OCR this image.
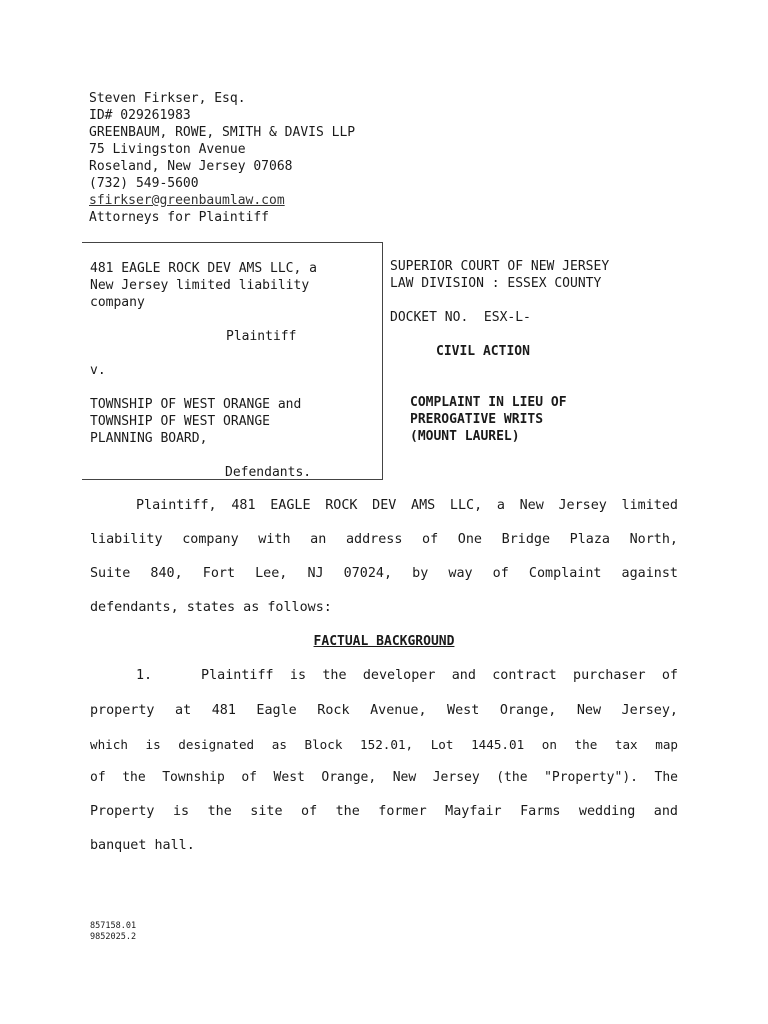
Steven Firkser, Esq.
ID# 029261983
GREENBAUM, ROWE, SMITH & DAVIS LLP
75 Livingston Avenue
Roseland, New Jersey 07068
(732) 549-5600
sfirkser@greenbaumlaw.com
Attorneys for Plaintiff
481 EAGLE ROCK DEV AMS LLC, a
New Jersey limited liability
company
Plaintiff
v.
TOWNSHIP OF WEST ORANGE and
TOWNSHIP OF WEST ORANGE
PLANNING BOARD,
Defendants.
SUPERIOR COURT OF NEW JERSEY
LAW DIVISION : ESSEX COUNTY
DOCKET NO.  ESX-L-
CIVIL ACTION
COMPLAINT IN LIEU OF
PREROGATIVE WRITS
(MOUNT LAUREL)
Plaintiff, 481 EAGLE ROCK DEV AMS LLC, a New Jersey limited
liability company with an address of One Bridge Plaza North,
Suite 840, Fort Lee, NJ 07024, by way of Complaint against
defendants, states as follows:
FACTUAL BACKGROUND
1.   Plaintiff is the developer and contract purchaser of
property at 481 Eagle Rock Avenue, West Orange, New Jersey,
which is designated as Block 152.01, Lot 1445.01 on the tax map
of the Township of West Orange, New Jersey (the "Property"). The
Property is the site of the former Mayfair Farms wedding and
banquet hall.
857158.01
9852025.2
